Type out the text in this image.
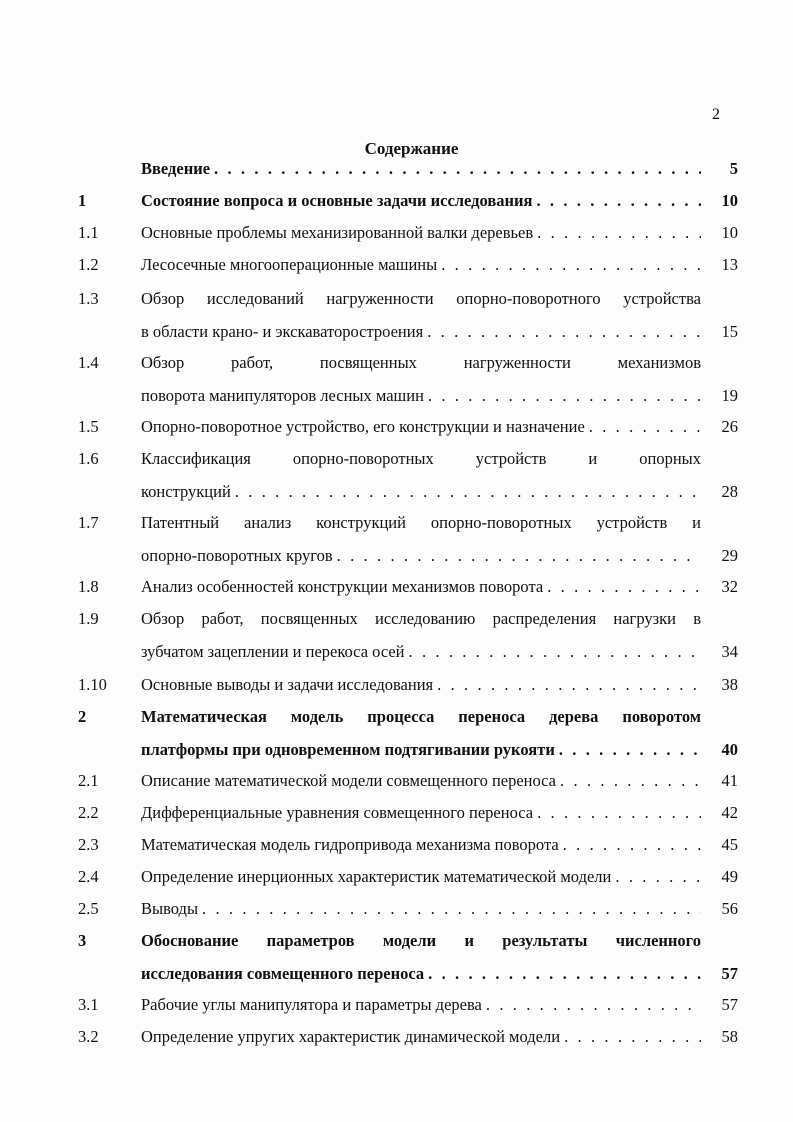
2
Содержание
Введение . . .	5
1	Состояние вопроса и основные задачи исследования . . .	10
1.1	Основные проблемы механизированной валки деревьев . . .	10
1.2	Лесосечные многооперационные машины . . .	13
1.3	Обзор исследований нагруженности опорно-поворотного устройства
в области крано- и экскаваторостроения . . .	15
1.4	Обзор работ, посвященных нагруженности механизмов
поворота манипуляторов лесных машин . . .	19
1.5	Опорно-поворотное устройство, его конструкции и назначение . . .	26
1.6	Классификация опорно-поворотных устройств и опорных
конструкций . . .	28
1.7	Патентный анализ конструкций опорно-поворотных устройств и
опорно-поворотных кругов . . .	29
1.8	Анализ особенностей конструкции механизмов поворота . . .	32
1.9	Обзор работ, посвященных исследованию распределения нагрузки в
зубчатом зацеплении и перекоса осей . . .	34
1.10 Основные выводы и задачи исследования . . .	38
2	Математическая модель процесса переноса дерева поворотом
платформы при одновременном подтягивании рукояти . . .	40
2.1	Описание математической модели совмещенного переноса . . .	41
2.2	Дифференциальные уравнения совмещенного переноса . . .	42
2.3	Математическая модель гидропривода механизма поворота . . .	45
2.4	Определение инерционных характеристик математической модели . . .	49
2.5	Выводы . . .	56
3	Обоснование параметров модели и результаты численного
исследования совмещенного переноса . . .	57
3.1	Рабочие углы манипулятора и параметры дерева . . .	57
3.2	Определение упругих характеристик динамической модели . . .	58
